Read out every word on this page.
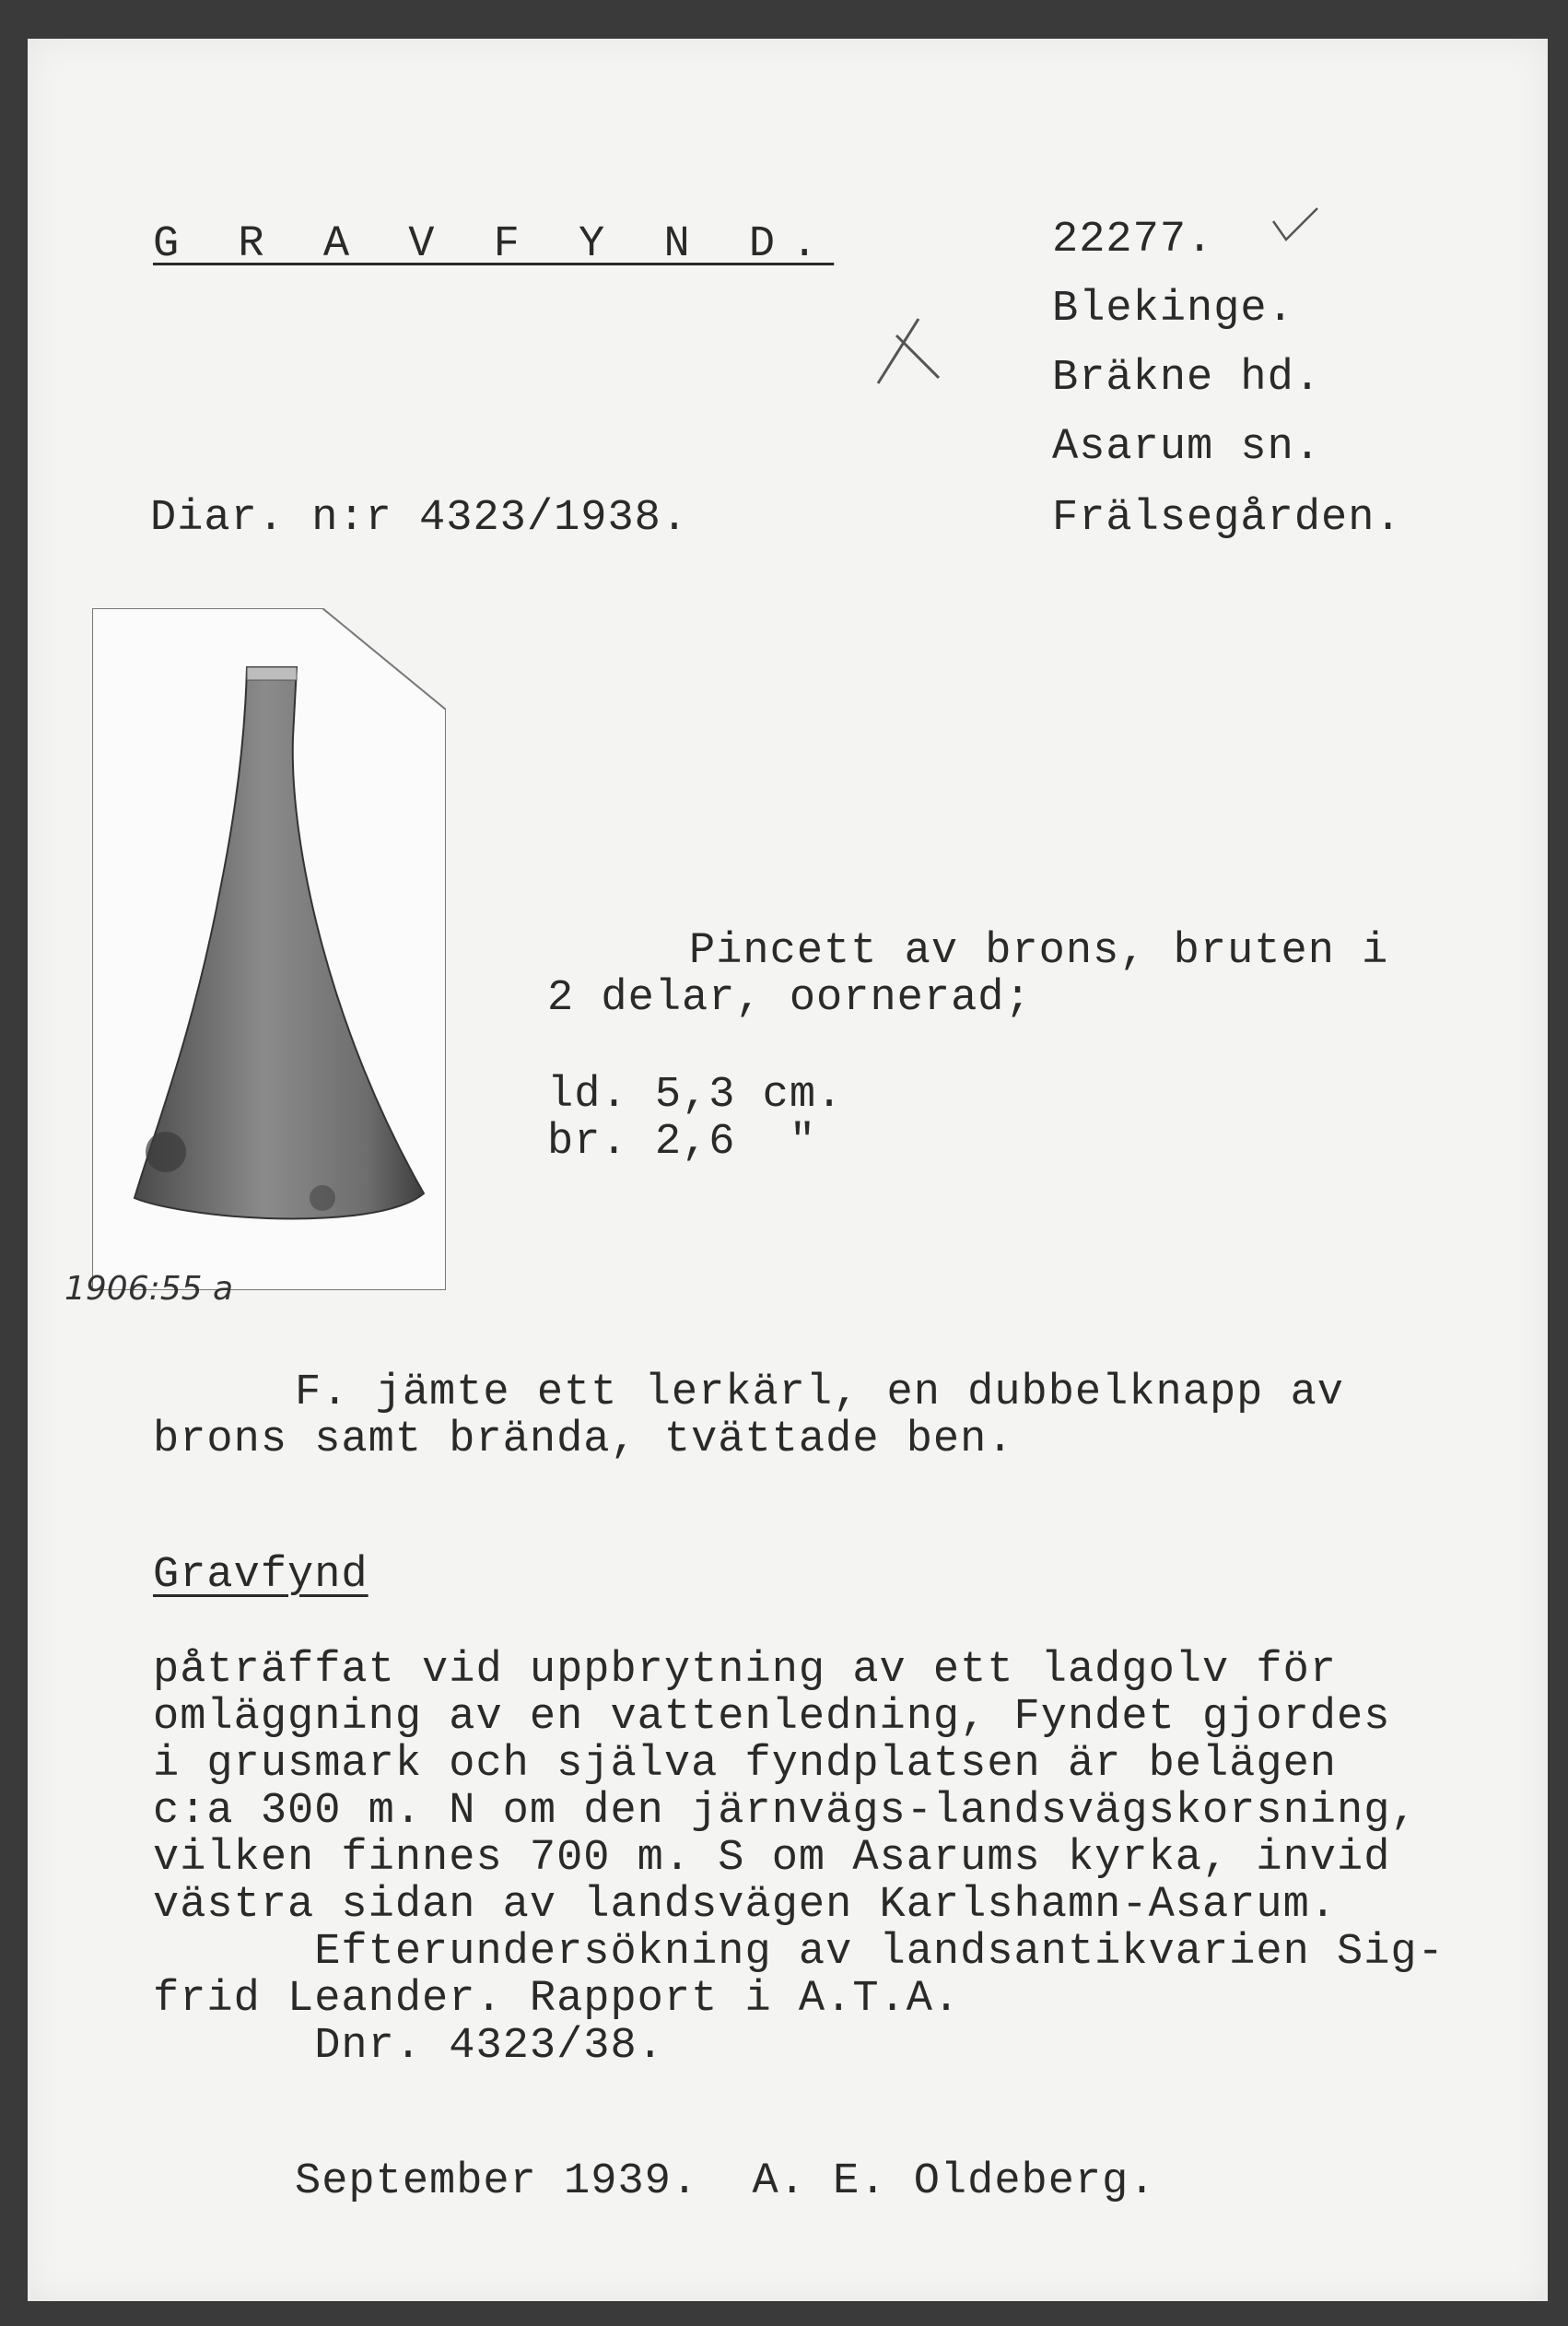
G R A V F Y N D.	22277.
Blekinge.
Bräkne hd.
Asarum sn.
Diar. n:r 4323/1938.	Frälsegården.
Pincett av brons, bruten i
2 delar, oornerad;
ld. 5,3 cm.
br. 2,6  "
1906:55 a
F. jämte ett lerkärl, en dubbelknapp av
brons samt brända, tvättade ben.
Gravfynd
påträffat vid uppbrytning av ett ladgolv för
omläggning av en vattenledning, Fyndet gjordes
i grusmark och själva fyndplatsen är belägen
c:a 300 m. N om den järnvägs-landsvägskorsning,
vilken finnes 700 m. S om Asarums kyrka, invid
västra sidan av landsvägen Karlshamn-Asarum.
Efterundersökning av landsantikvarien Sig-
frid Leander. Rapport i A.T.A.
Dnr. 4323/38.
September 1939.  A. E. Oldeberg.
